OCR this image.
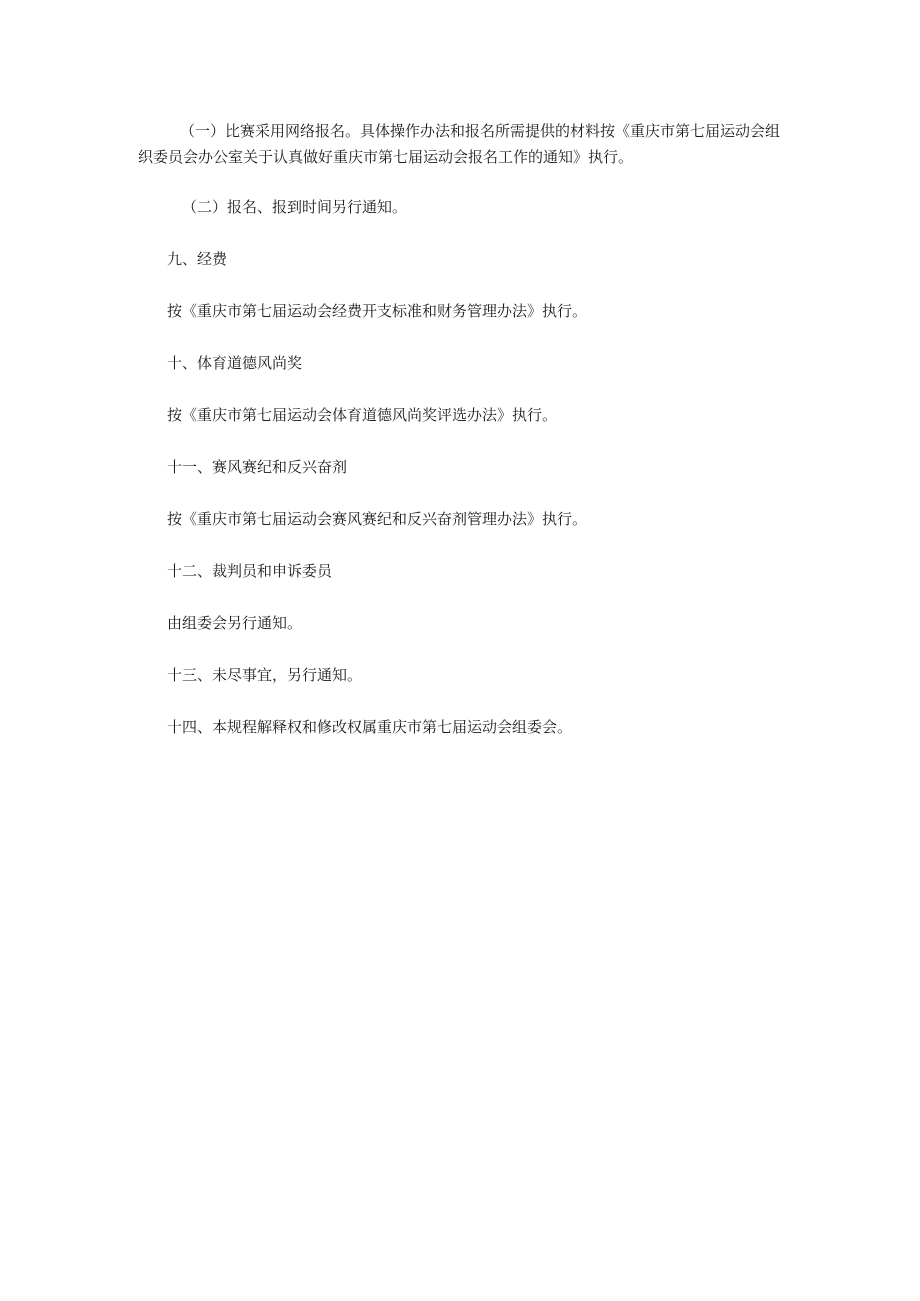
（一）比赛采用网络报名。具体操作办法和报名所需提供的材料按《重庆市第七届运动会组织委员会办公室关于认真做好重庆市第七届运动会报名工作的通知》执行。

（二）报名、报到时间另行通知。

九、经费

按《重庆市第七届运动会经费开支标准和财务管理办法》执行。

十、体育道德风尚奖

按《重庆市第七届运动会体育道德风尚奖评选办法》执行。

十一、赛风赛纪和反兴奋剂

按《重庆市第七届运动会赛风赛纪和反兴奋剂管理办法》执行。

十二、裁判员和申诉委员

由组委会另行通知。

十三、未尽事宜，另行通知。

十四、本规程解释权和修改权属重庆市第七届运动会组委会。
